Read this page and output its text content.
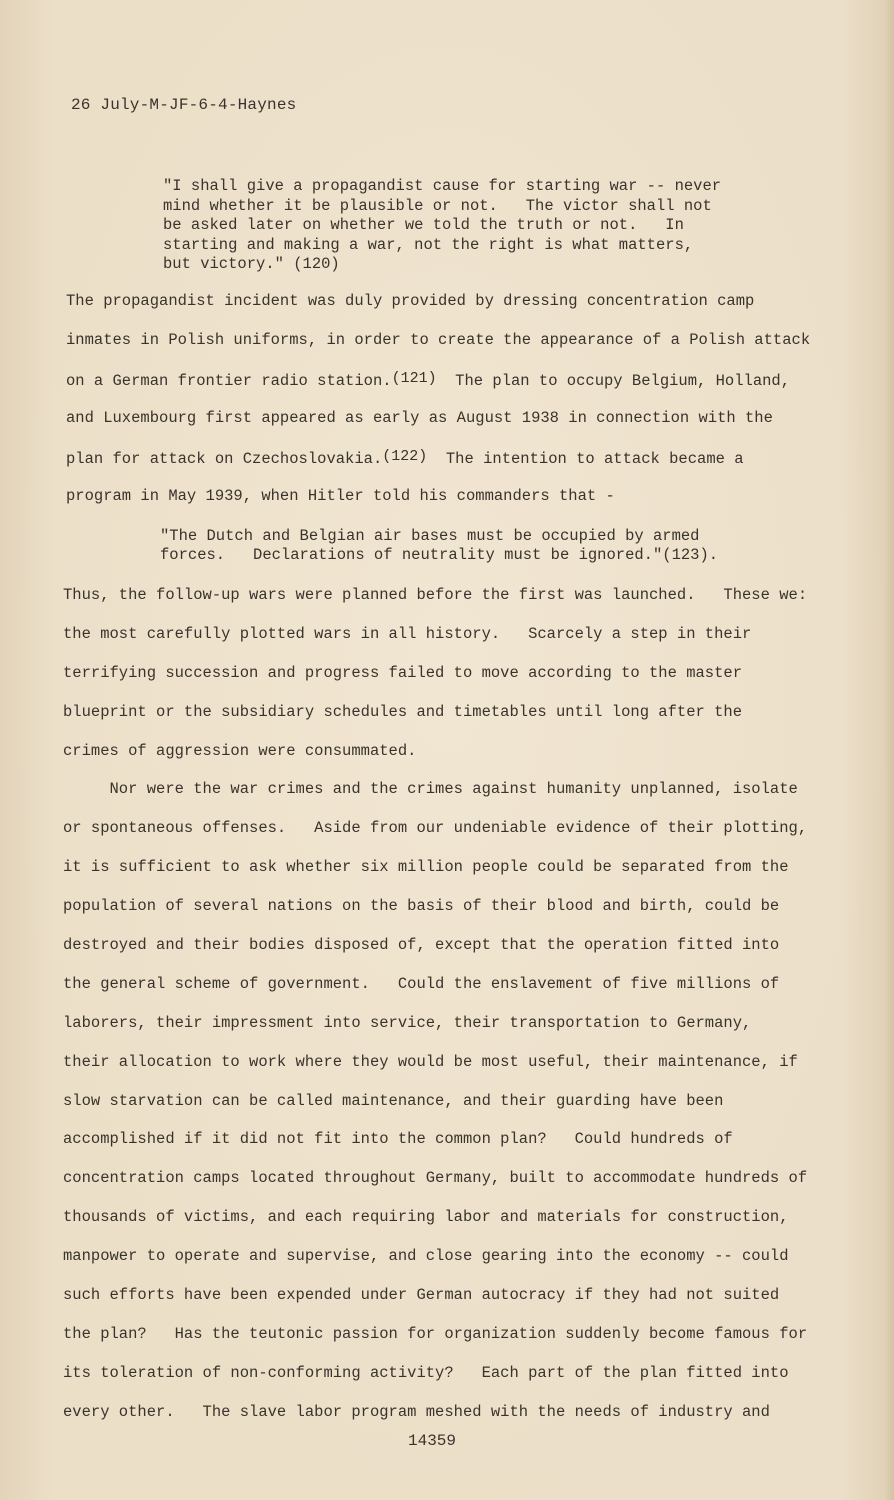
26 July-M-JF-6-4-Haynes
"I shall give a propagandist cause for starting war -- never
mind whether it be plausible or not.   The victor shall not
be asked later on whether we told the truth or not.   In
starting and making a war, not the right is what matters,
but victory." (120)
The propagandist incident was duly provided by dressing concentration camp
inmates in Polish uniforms, in order to create the appearance of a Polish attack
on a German frontier radio station.(121)  The plan to occupy Belgium, Holland,
and Luxembourg first appeared as early as August 1938 in connection with the
plan for attack on Czechoslovakia.(122)  The intention to attack became a
program in May 1939, when Hitler told his commanders that -
"The Dutch and Belgian air bases must be occupied by armed
forces.   Declarations of neutrality must be ignored."(123).
Thus, the follow-up wars were planned before the first was launched.   These we:
the most carefully plotted wars in all history.   Scarcely a step in their
terrifying succession and progress failed to move according to the master
blueprint or the subsidiary schedules and timetables until long after the
crimes of aggression were consummated.
Nor were the war crimes and the crimes against humanity unplanned, isolate
or spontaneous offenses.   Aside from our undeniable evidence of their plotting,
it is sufficient to ask whether six million people could be separated from the
population of several nations on the basis of their blood and birth, could be
destroyed and their bodies disposed of, except that the operation fitted into
the general scheme of government.   Could the enslavement of five millions of
laborers, their impressment into service, their transportation to Germany,
their allocation to work where they would be most useful, their maintenance, if
slow starvation can be called maintenance, and their guarding have been
accomplished if it did not fit into the common plan?   Could hundreds of
concentration camps located throughout Germany, built to accommodate hundreds of
thousands of victims, and each requiring labor and materials for construction,
manpower to operate and supervise, and close gearing into the economy -- could
such efforts have been expended under German autocracy if they had not suited
the plan?   Has the teutonic passion for organization suddenly become famous for
its toleration of non-conforming activity?   Each part of the plan fitted into
every other.   The slave labor program meshed with the needs of industry and
14359
